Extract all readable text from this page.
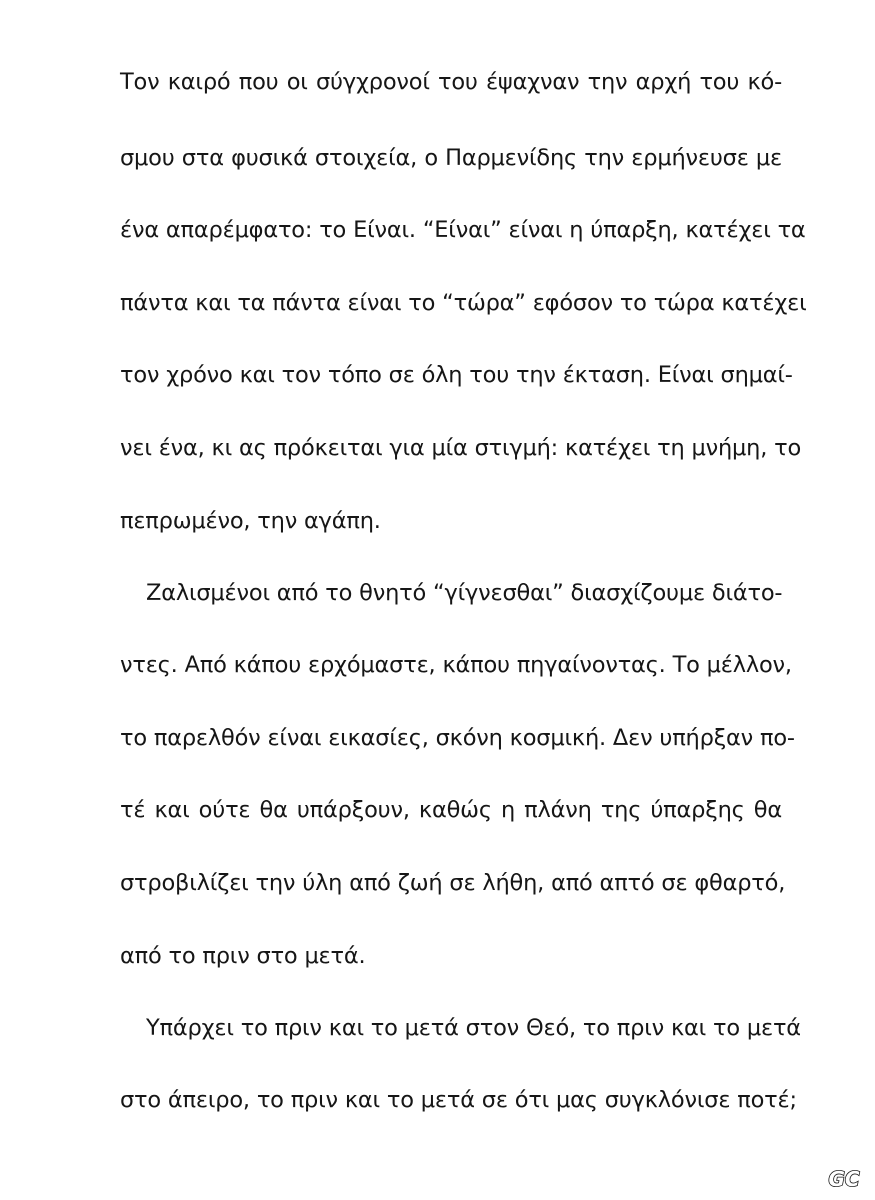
Τον καιρό που οι σύγχρονοί του έψαχναν την αρχή του κό-
σμου στα φυσικά στοιχεία, ο Παρμενίδης την ερμήνευσε με
ένα απαρέμφατο: το Είναι. “Είναι” είναι η ύπαρξη, κατέχει τα
πάντα και τα πάντα είναι το “τώρα” εφόσον το τώρα κατέχει
τον χρόνο και τον τόπο σε όλη του την έκταση. Είναι σημαί-
νει ένα, κι ας πρόκειται για μία στιγμή: κατέχει τη μνήμη, το
πεπρωμένο, την αγάπη.
Ζαλισμένοι από το θνητό “γίγνεσθαι” διασχίζουμε διάτο-
ντες. Από κάπου ερχόμαστε, κάπου πηγαίνοντας. Το μέλλον,
το παρελθόν είναι εικασίες, σκόνη κοσμική. Δεν υπήρξαν πο-
τέ και ούτε θα υπάρξουν, καθώς η πλάνη της ύπαρξης θα
στροβιλίζει την ύλη από ζωή σε λήθη, από απτό σε φθαρτό,
από το πριν στο μετά.
Υπάρχει το πριν και το μετά στον Θεό, το πριν και το μετά
στο άπειρο, το πριν και το μετά σε ότι μας συγκλόνισε ποτέ;
GC
